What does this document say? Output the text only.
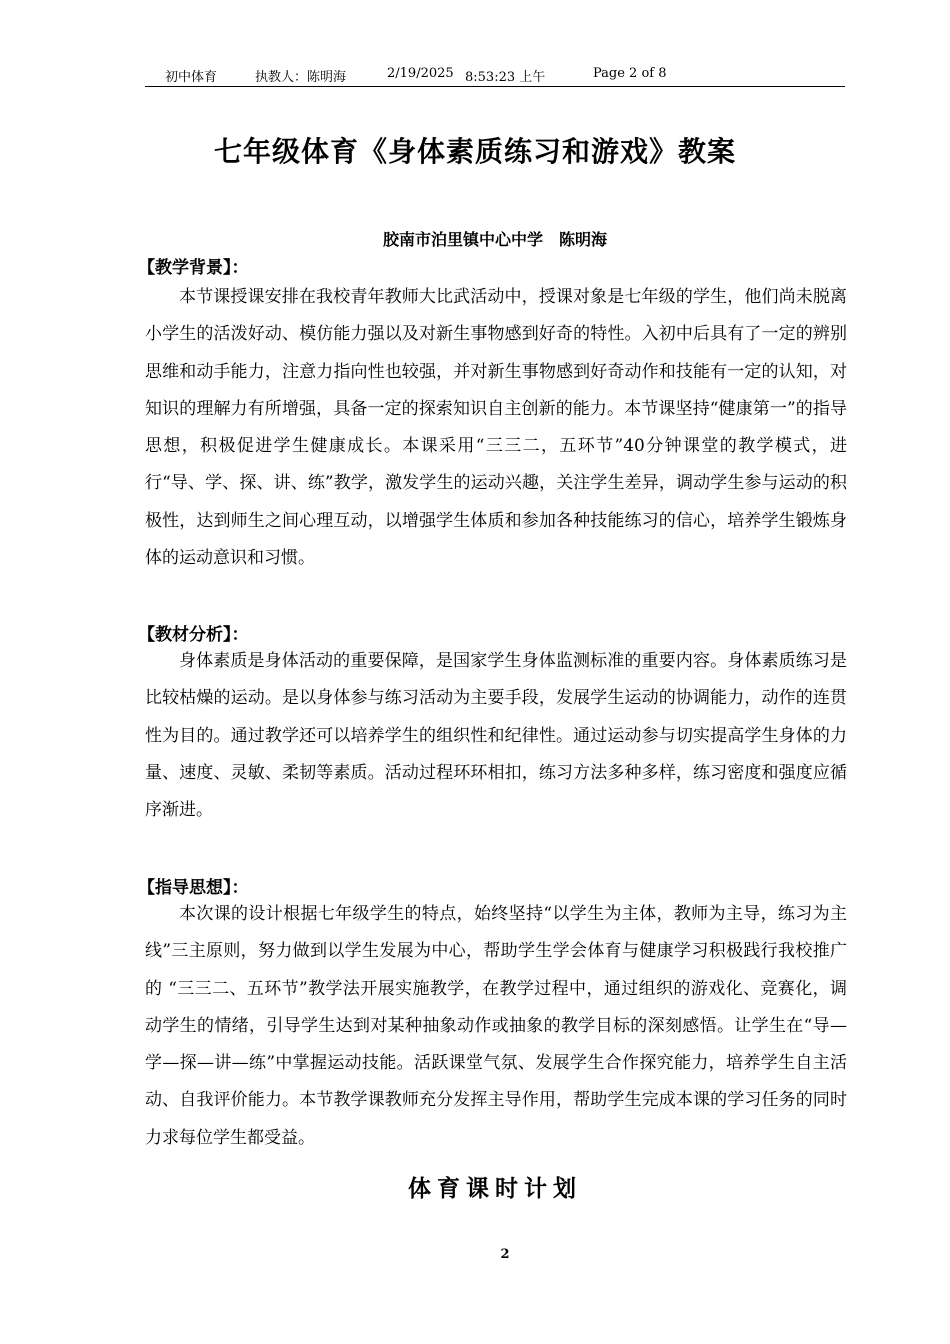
初中体育	执教人：陈明海	2/19/2025 8:53:23 上午	Page 2 of 8
七年级体育《身体素质练习和游戏》教案
胶南市泊里镇中心中学　陈明海
【教学背景】：
本节课授课安排在我校青年教师大比武活动中，授课对象是七年级的学生，他们尚未脱离小学生的活泼好动、模仿能力强以及对新生事物感到好奇的特性。入初中后具有了一定的辨别思维和动手能力，注意力指向性也较强，并对新生事物感到好奇动作和技能有一定的认知，对知识的理解力有所增强，具备一定的探索知识自主创新的能力。本节课坚持“健康第一”的指导思想，积极促进学生健康成长。本课采用“三三二，五环节”40分钟课堂的教学模式，进行“导、学、探、讲、练”教学，激发学生的运动兴趣，关注学生差异，调动学生参与运动的积极性，达到师生之间心理互动，以增强学生体质和参加各种技能练习的信心，培养学生锻炼身体的运动意识和习惯。
【教材分析】：
身体素质是身体活动的重要保障，是国家学生身体监测标准的重要内容。身体素质练习是比较枯燥的运动。是以身体参与练习活动为主要手段，发展学生运动的协调能力，动作的连贯性为目的。通过教学还可以培养学生的组织性和纪律性。通过运动参与切实提高学生身体的力量、速度、灵敏、柔韧等素质。活动过程环环相扣，练习方法多种多样，练习密度和强度应循序渐进。
【指导思想】：
本次课的设计根据七年级学生的特点，始终坚持“以学生为主体，教师为主导，练习为主线”三主原则，努力做到以学生发展为中心，帮助学生学会体育与健康学习积极践行我校推广的 “三三二、五环节”教学法开展实施教学，在教学过程中，通过组织的游戏化、竞赛化，调动学生的情绪，引导学生达到对某种抽象动作或抽象的教学目标的深刻感悟。让学生在“导—学—探—讲—练”中掌握运动技能。活跃课堂气氛、发展学生合作探究能力，培养学生自主活动、自我评价能力。本节教学课教师充分发挥主导作用，帮助学生完成本课的学习任务的同时力求每位学生都受益。
体育课时计划
2
